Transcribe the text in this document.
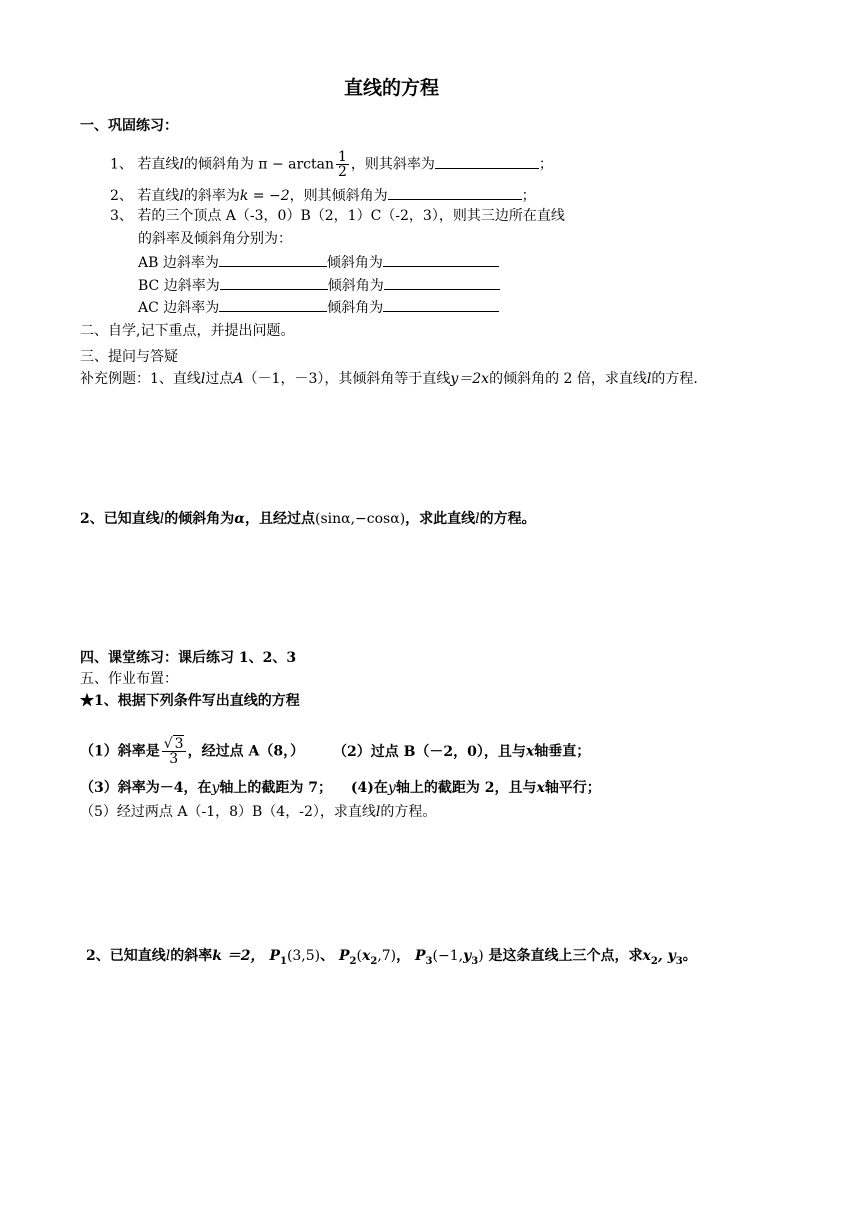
直线的方程
一、巩固练习：
1、 若直线l的倾斜角为 $\pi - \arctan \frac{1}{2}$ ，则其斜率为	；
2、 若直线l的斜率为k = −2，则其倾斜角为	；
3、 若的三个顶点 A（-3，0）B（2，1）C（-2，3），则其三边所在直线
的斜率及倾斜角分别为：
AB 边斜率为	倾斜角为
BC 边斜率为	倾斜角为
AC 边斜率为	倾斜角为
二、自学,记下重点，并提出问题。
三、提问与答疑
补充例题：1、直线l过点A（－1，－3），其倾斜角等于直线y＝2x的倾斜角的 2 倍，求直线l的方程.
2、已知直线l的倾斜角为α，且经过点(sinα,−cosα)，求此直线l的方程。
四、课堂练习：课后练习 1、2、3
五、作业布置：
★1、根据下列条件写出直线的方程
（1）斜率是 $\frac{√ 3}{3}$ ，经过点 A（8，） （2）过点 B（－2，0），且与x轴垂直；
（3）斜率为－4，在y轴上的截距为 7； (4)在y轴上的截距为 2，且与x轴平行；
（5）经过两点 A（-1，8）B（4，-2），求直线l的方程。
2、已知直线l的斜率k ＝2， $P_1(3,5)$、 $P_2(x_2,7)$， $P_3(-1,y_3)$ 是这条直线上三个点，求$x_2$, $y_3$。
